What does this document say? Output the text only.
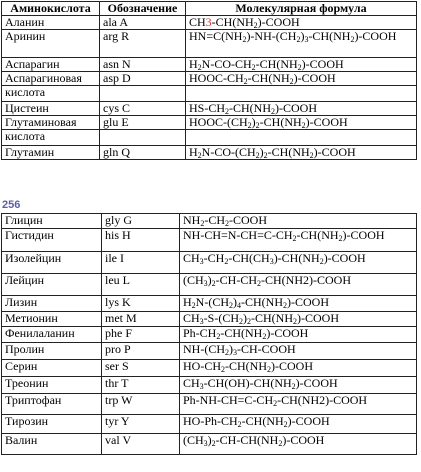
Аминокислота	Обозначение	Молекулярная формула
Аланин	ala A	$CH3-CH(NH_2)$-COOH
Аринин	arg R	$HN=C(NH_2)-NH-(CH_2)_3-CH(NH_2)$-COOH
Аспарагин	asn N	$H_2N-CO-CH_2-CH(NH_2)$-COOH
Аспарагиновая	asp D	HOOC-$CH_2-CH(NH_2)$-COOH
кислота		
Цистеин	cys C	$HS-CH_2-CH(NH_2)$-COOH
Глутаминовая	glu E	HOOC-$(CH_2)_2-CH(NH_2)$-COOH
кислота		
Глутамин	gln Q	$H_2N-CO-(CH_2)_2-CH(NH_2)$-COOH
256
Глицин	gly G	$NH_2-CH_2$-COOH
Гистидин	his H	$NH-CH=N-CH=C-CH_2-CH(NH_2)$-COOH
Изолейцин	ile I	$CH_3-CH_2-CH(CH_3)-CH(NH_2)$-COOH
Лейцин	leu L	$(CH_3)_2-CH-CH_2-CH(NH2)$-COOH
Лизин	lys K	$H_2N-(CH_2)_4-CH(NH_2)$-COOH
Метионин	met M	$CH_3-S-(CH_2)_2-CH(NH_2)$-COOH
Фенилаланин	phe F	$Ph-CH_2-CH(NH_2)$-COOH
Пролин	pro P	$NH-(CH_2)_3-CH$-COOH
Серин	ser S	$HO-CH_2-CH(NH_2)$-COOH
Треонин	thr T	$CH_3-CH(OH)-CH(NH_2)$-COOH
Триптофан	trp W	$Ph-NH-CH=C-CH_2-CH(NH2)$-COOH
Тирозин	tyr Y	$HO-Ph-CH_2-CH(NH_2)$-COOH
Валин	val V	$(CH_3)_2-CH-CH(NH_2)$-COOH
